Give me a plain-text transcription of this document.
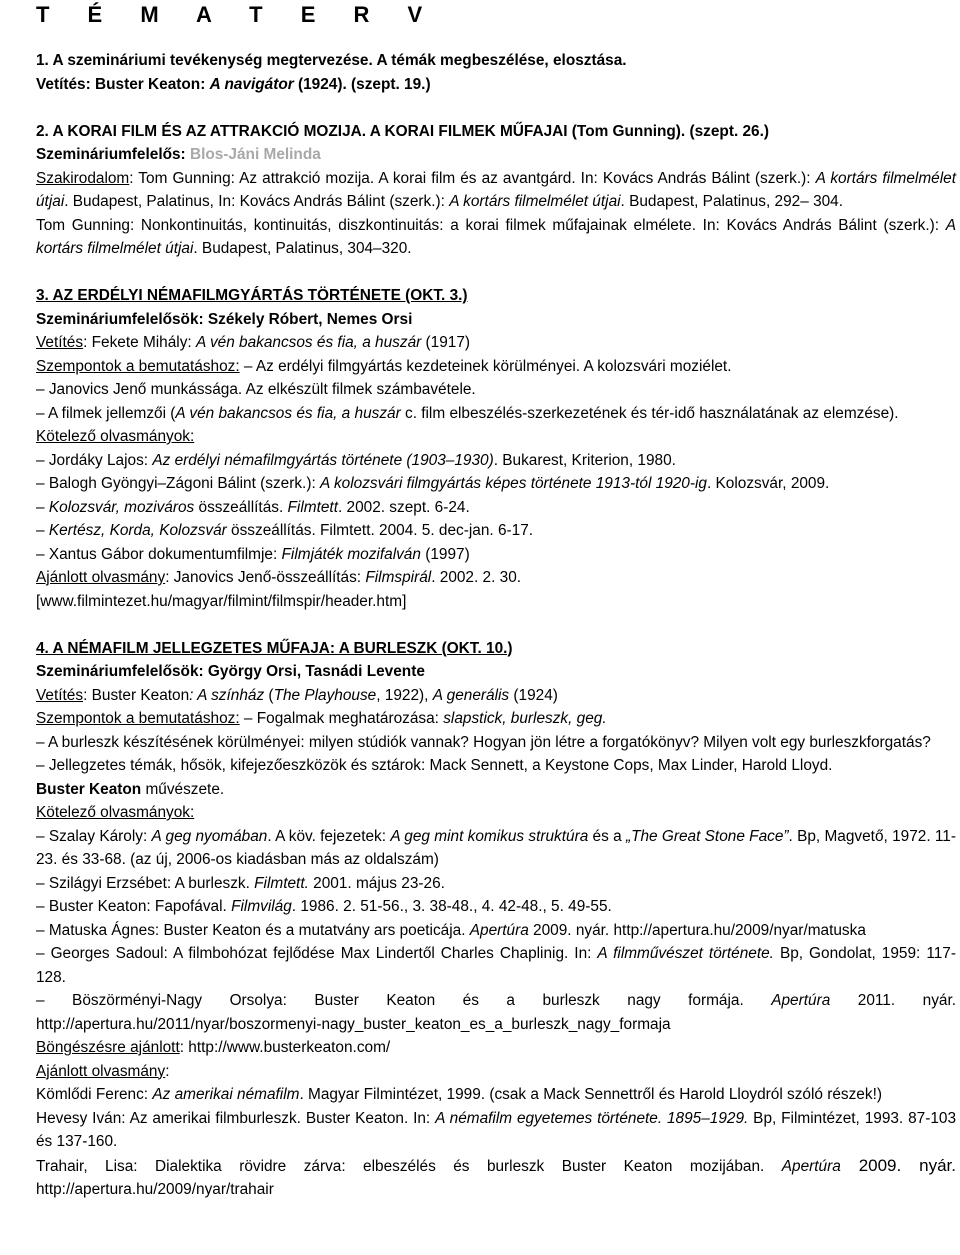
T É M A T E R V

1. A szemináriumi tevékenység megtervezése. A témák megbeszélése, elosztása.

Vetítés: Buster Keaton: A navigátor (1924). (szept. 19.)

2. A KORAI FILM ÉS AZ ATTRAKCIÓ MOZIJA. A KORAI FILMEK MŰFAJAI (Tom Gunning). (szept. 26.)

Szemináriumfelelős: Blos-Jáni Melinda

Szakirodalom: Tom Gunning: Az attrakció mozija. A korai film és az avantgárd. In: Kovács András Bálint (szerk.): A kortárs filmelmélet útjai. Budapest, Palatinus, In: Kovács András Bálint (szerk.): A kortárs filmelmélet útjai. Budapest, Palatinus, 292– 304.

Tom Gunning: Nonkontinuitás, kontinuitás, diszkontinuitás: a korai filmek műfajainak elmélete. In: Kovács András Bálint (szerk.): A kortárs filmelmélet útjai. Budapest, Palatinus, 304–320.

3. AZ ERDÉLYI NÉMAFILMGYÁRTÁS TÖRTÉNETE (OKT. 3.)

Szemináriumfelelősök: Székely Róbert, Nemes Orsi

Vetítés: Fekete Mihály: A vén bakancsos és fia, a huszár (1917)

Szempontok a bemutatáshoz: – Az erdélyi filmgyártás kezdeteinek körülményei. A kolozsvári moziélet.

– Janovics Jenő munkássága. Az elkészült filmek számbavétele.

– A filmek jellemzői (A vén bakancsos és fia, a huszár c. film elbeszélés-szerkezetének és tér-idő használatának az elemzése).

Kötelező olvasmányok:

– Jordáky Lajos: Az erdélyi némafilmgyártás története (1903–1930). Bukarest, Kriterion, 1980.

– Balogh Gyöngyi–Zágoni Bálint (szerk.): A kolozsvári filmgyártás képes története 1913-tól 1920-ig. Kolozsvár, 2009.

– Kolozsvár, moziváros összeállítás. Filmtett. 2002. szept. 6-24.

– Kertész, Korda, Kolozsvár összeállítás. Filmtett. 2004. 5. dec-jan. 6-17.

– Xantus Gábor dokumentumfilmje: Filmjáték mozifalván (1997)

Ajánlott olvasmány: Janovics Jenő-összeállítás: Filmspirál. 2002. 2. 30.

[www.filmintezet.hu/magyar/filmint/filmspir/header.htm]

4. A NÉMAFILM JELLEGZETES MŰFAJA: A BURLESZK (OKT. 10.)

Szemináriumfelelősök: György Orsi, Tasnádi Levente

Vetítés: Buster Keaton: A színház (The Playhouse, 1922), A generális (1924)

Szempontok a bemutatáshoz: – Fogalmak meghatározása: slapstick, burleszk, geg.

– A burleszk készítésének körülményei: milyen stúdiók vannak? Hogyan jön létre a forgatókönyv? Milyen volt egy burleszkforgatás?

– Jellegzetes témák, hősök, kifejezőeszközök és sztárok: Mack Sennett, a Keystone Cops, Max Linder, Harold Lloyd.

Buster Keaton művészete.

Kötelező olvasmányok:

– Szalay Károly: A geg nyomában. A köv. fejezetek: A geg mint komikus struktúra és a „The Great Stone Face”. Bp, Magvető, 1972. 11-23. és 33-68. (az új, 2006-os kiadásban más az oldalszám)

– Szilágyi Erzsébet: A burleszk. Filmtett. 2001. május 23-26.

– Buster Keaton: Fapofával. Filmvilág. 1986. 2. 51-56., 3. 38-48., 4. 42-48., 5. 49-55.

– Matuska Ágnes: Buster Keaton és a mutatvány ars poeticája. Apertúra 2009. nyár. http://apertura.hu/2009/nyar/matuska

– Georges Sadoul: A filmbohózat fejlődése Max Lindertől Charles Chaplinig. In: A filmművészet története. Bp, Gondolat, 1959: 117-128.

– Böszörményi-Nagy Orsolya: Buster Keaton és a burleszk nagy formája. Apertúra 2011. nyár. http://apertura.hu/2011/nyar/boszormenyi-nagy_buster_keaton_es_a_burleszk_nagy_formaja

Böngészésre ajánlott: http://www.busterkeaton.com/

Ajánlott olvasmány:

Kömlődi Ferenc: Az amerikai némafilm. Magyar Filmintézet, 1999. (csak a Mack Sennettről és Harold Lloydról szóló részek!)

Hevesy Iván: Az amerikai filmburleszk. Buster Keaton. In: A némafilm egyetemes története. 1895–1929. Bp, Filmintézet, 1993. 87-103 és 137-160.

Trahair, Lisa: Dialektika rövidre zárva: elbeszélés és burleszk Buster Keaton mozijában. Apertúra 2009. nyár. http://apertura.hu/2009/nyar/trahair
